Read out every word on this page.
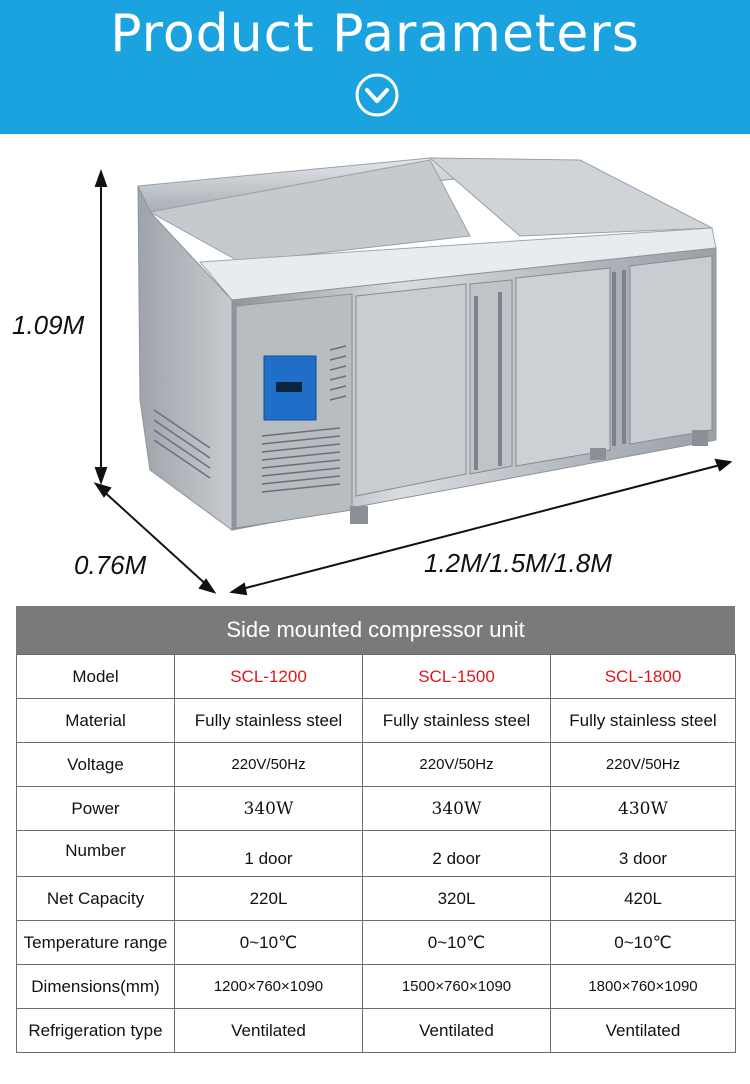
Product Parameters
1.09M
0.76M	1.2M/1.5M/1.8M
Side mounted compressor unit
Model	SCL-1200	SCL-1500	SCL-1800
Material	Fully stainless steel	Fully stainless steel	Fully stainless steel
Voltage	220V/50Hz	220V/50Hz	220V/50Hz
Power	340W	340W	430W
Number	1 door	2 door	3 door
Net Capacity	220L	320L	420L
Temperature range	0~10℃	0~10℃	0~10℃
Dimensions(mm)	1200×760×1090	1500×760×1090	1800×760×1090
Refrigeration type	Ventilated	Ventilated	Ventilated
